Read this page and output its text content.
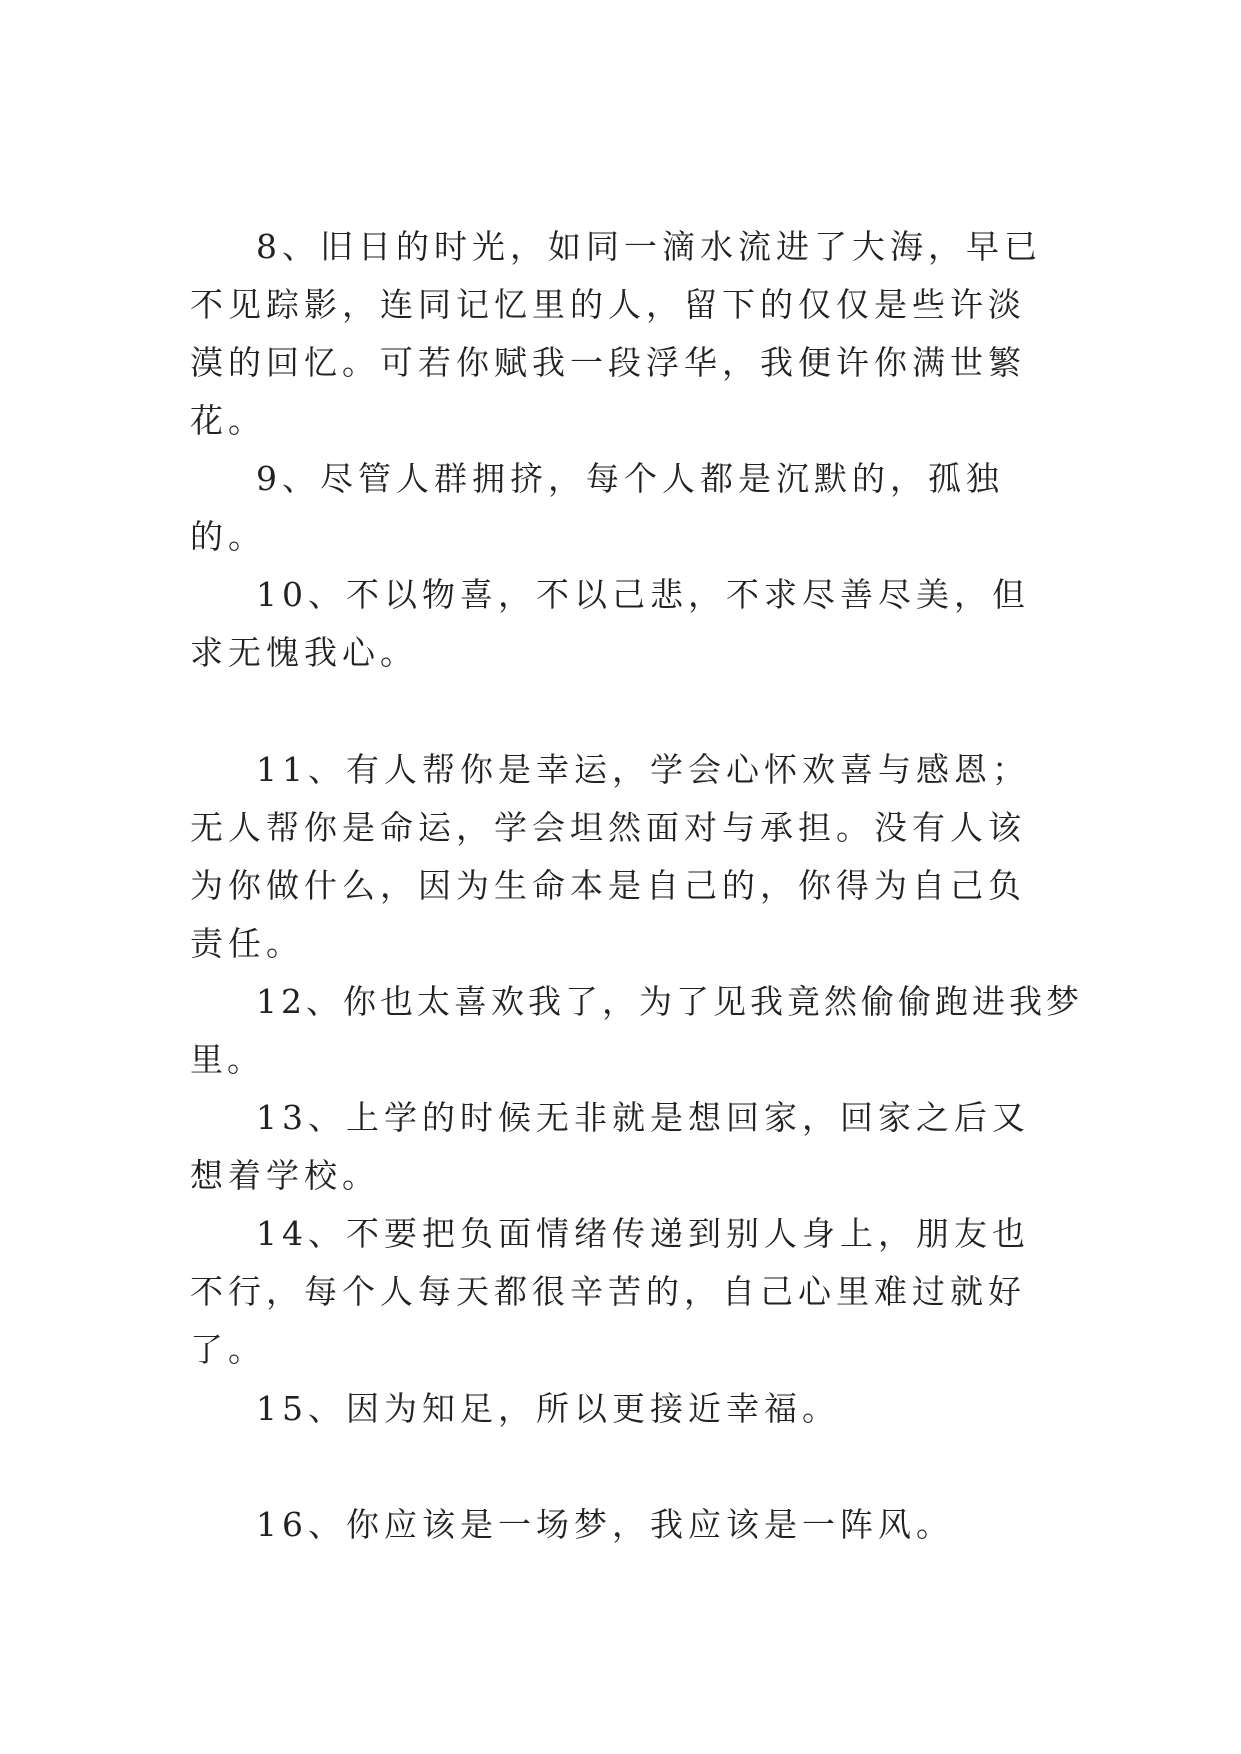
8、旧日的时光，如同一滴水流进了大海，早已不见踪影，连同记忆里的人，留下的仅仅是些许淡漠的回忆。可若你赋我一段浮华，我便许你满世繁花。

9、尽管人群拥挤，每个人都是沉默的，孤独的。

10、不以物喜，不以己悲，不求尽善尽美，但求无愧我心。

11、有人帮你是幸运，学会心怀欢喜与感恩；无人帮你是命运，学会坦然面对与承担。没有人该为你做什么，因为生命本是自己的，你得为自己负责任。

12、你也太喜欢我了，为了见我竟然偷偷跑进我梦里。

13、上学的时候无非就是想回家，回家之后又想着学校。

14、不要把负面情绪传递到别人身上，朋友也不行，每个人每天都很辛苦的，自己心里难过就好了。

15、因为知足，所以更接近幸福。

16、你应该是一场梦，我应该是一阵风。
